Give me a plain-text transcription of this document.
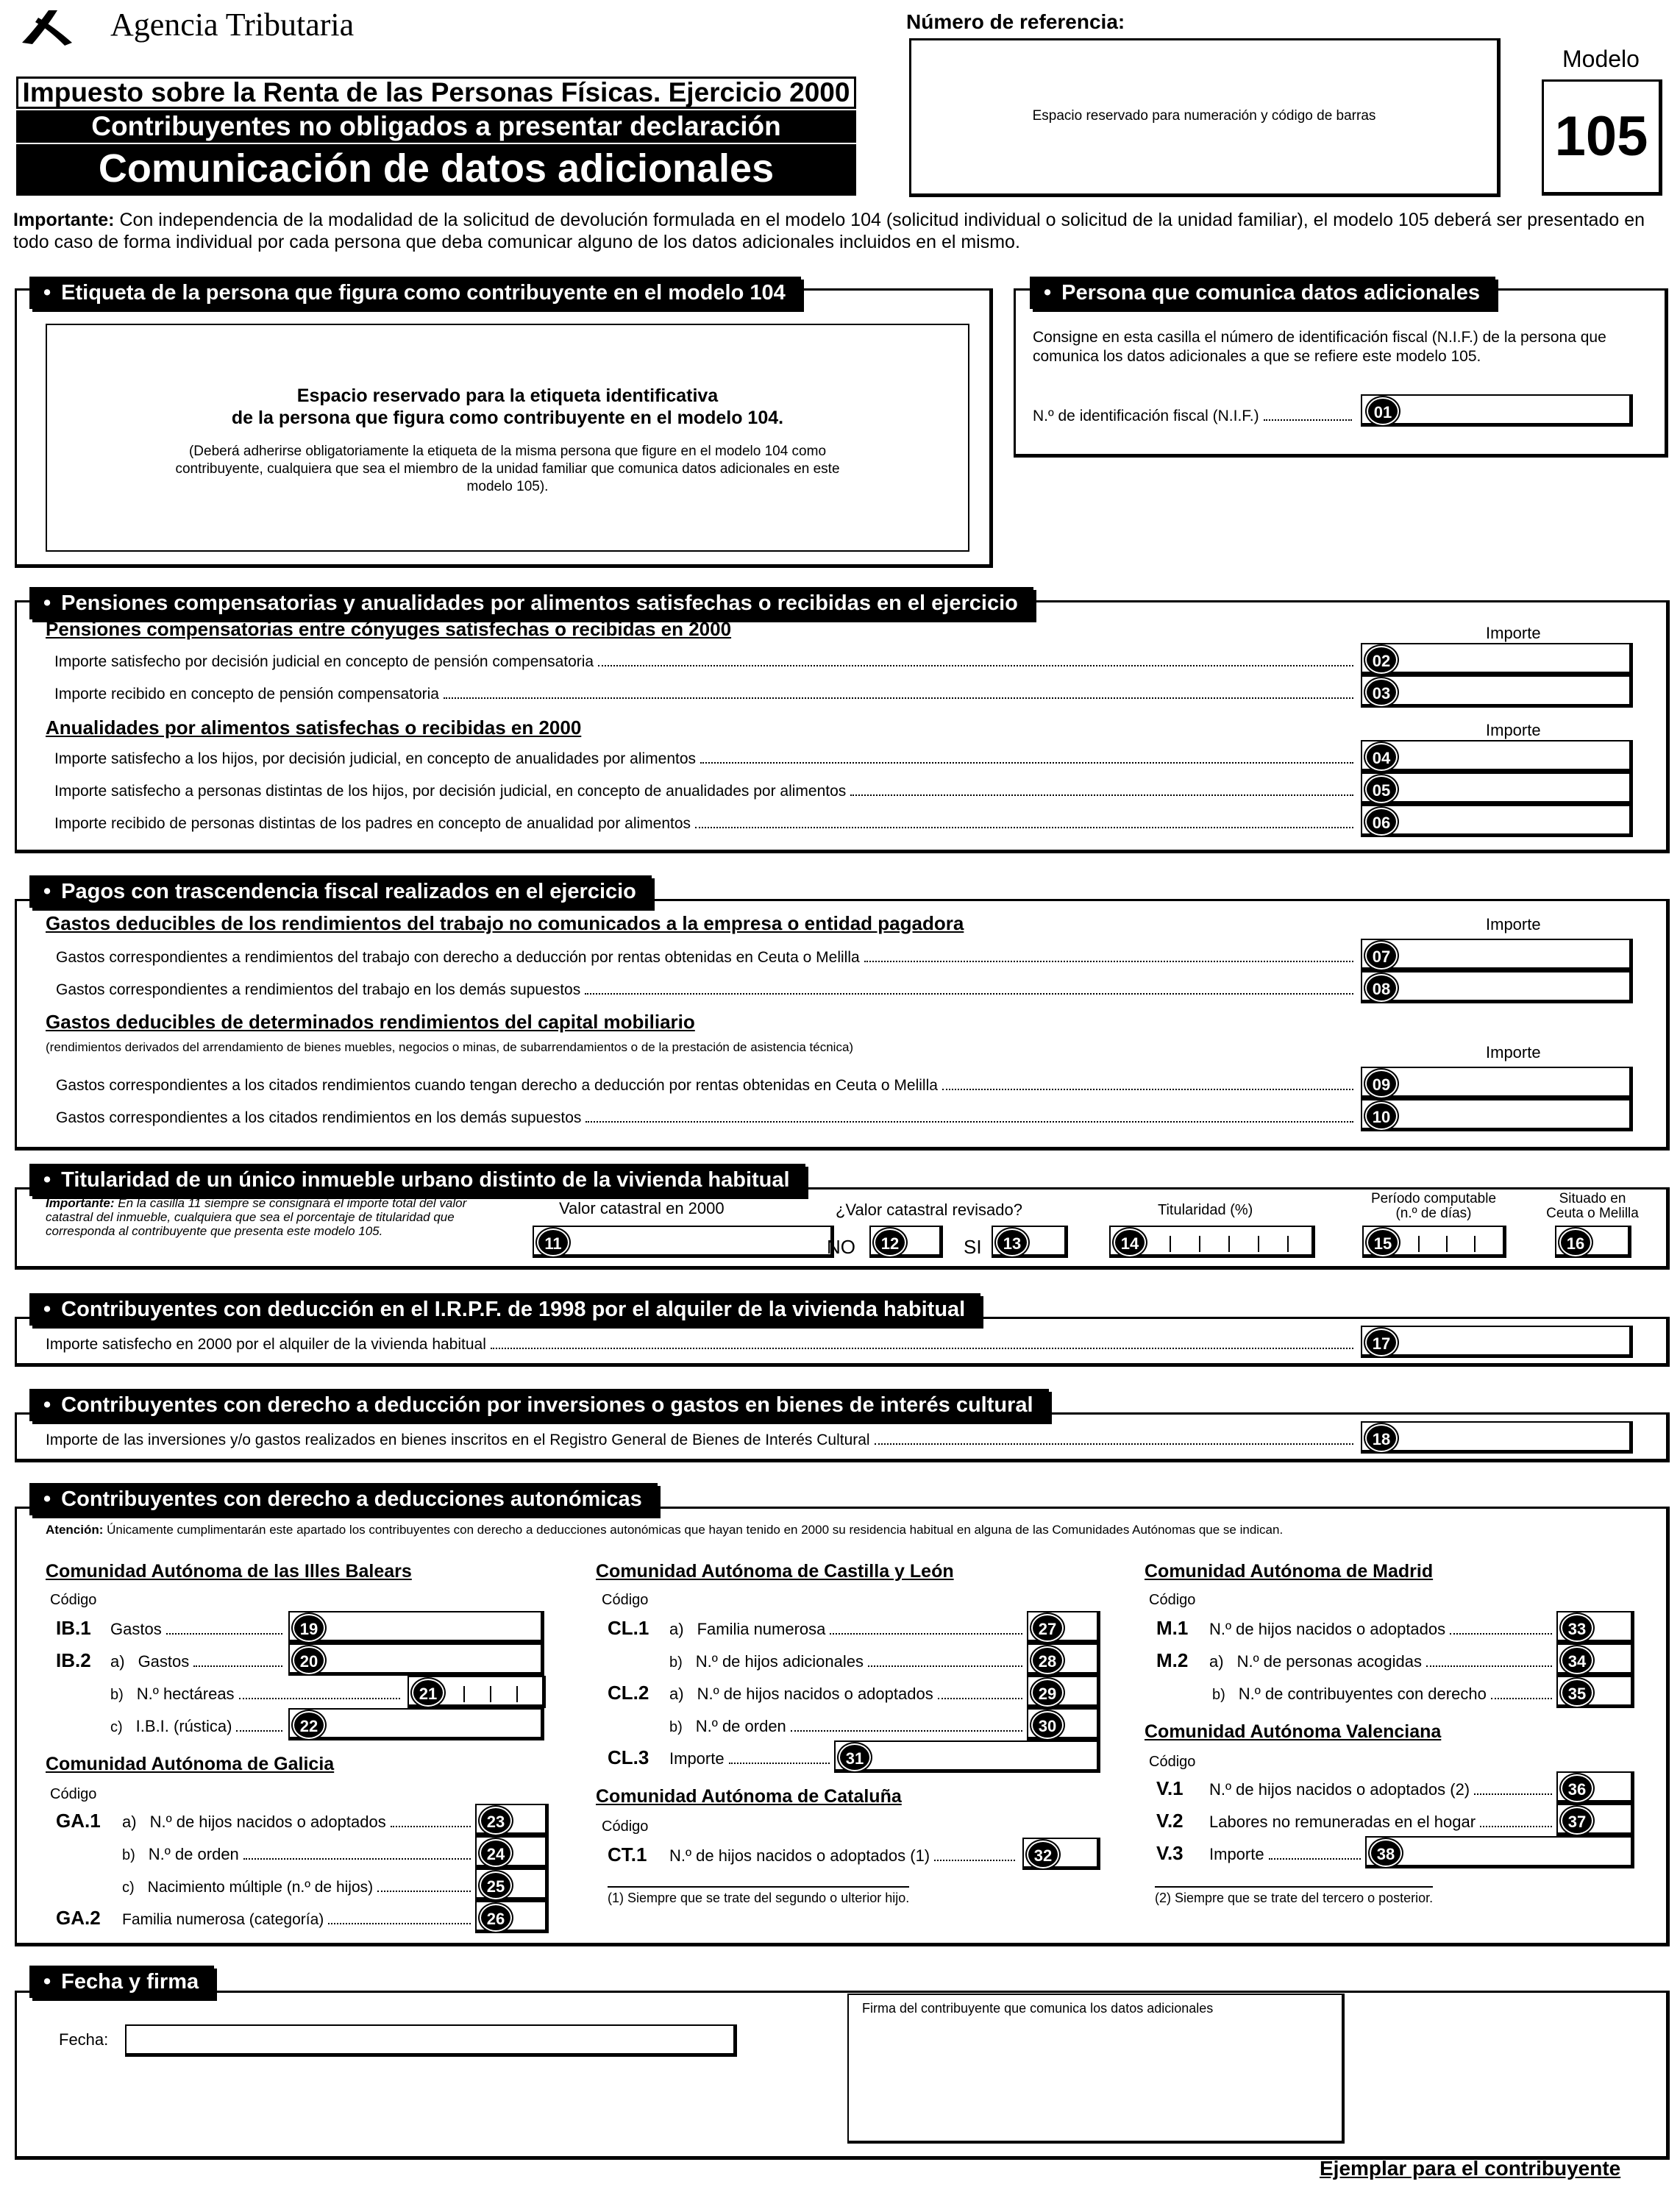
Agencia Tributaria	Número de referencia:
Espacio reservado para numeración y código de barras
Modelo
105
Impuesto sobre la Renta de las Personas Físicas. Ejercicio 2000
Contribuyentes no obligados a presentar declaración
Comunicación de datos adicionales
Importante: Con independencia de la modalidad de la solicitud de devolución formulada en el modelo 104 (solicitud individual o solicitud de la unidad familiar), el modelo 105 deberá ser presentado en todo caso de forma individual por cada persona que deba comunicar alguno de los datos adicionales incluidos en el mismo.
• Etiqueta de la persona que figura como contribuyente en el modelo 104
Espacio reservado para la etiqueta identificativa
de la persona que figura como contribuyente en el modelo 104.
(Deberá adherirse obligatoriamente la etiqueta de la misma persona que figure en el modelo 104 como contribuyente, cualquiera que sea el miembro de la unidad familiar que comunica datos adicionales en este modelo 105).
• Persona que comunica datos adicionales
Consigne en esta casilla el número de identificación fiscal (N.I.F.) de la persona que comunica los datos adicionales a que se refiere este modelo 105.
N.º de identificación fiscal (N.I.F.)	01
• Pensiones compensatorias y anualidades por alimentos satisfechas o recibidas en el ejercicio
Pensiones compensatorias entre cónyuges satisfechas o recibidas en 2000	Importe
Importe satisfecho por decisión judicial en concepto de pensión compensatoria	02
Importe recibido en concepto de pensión compensatoria	03
Anualidades por alimentos satisfechas o recibidas en 2000	Importe
Importe satisfecho a los hijos, por decisión judicial, en concepto de anualidades por alimentos	04
Importe satisfecho a personas distintas de los hijos, por decisión judicial, en concepto de anualidades por alimentos	05
Importe recibido de personas distintas de los padres en concepto de anualidad por alimentos	06
• Pagos con trascendencia fiscal realizados en el ejercicio
Gastos deducibles de los rendimientos del trabajo no comunicados a la empresa o entidad pagadora	Importe
Gastos correspondientes a rendimientos del trabajo con derecho a deducción por rentas obtenidas en Ceuta o Melilla	07
Gastos correspondientes a rendimientos del trabajo en los demás supuestos	08
Gastos deducibles de determinados rendimientos del capital mobiliario
(rendimientos derivados del arrendamiento de bienes muebles, negocios o minas, de subarrendamientos o de la prestación de asistencia técnica)	Importe
Gastos correspondientes a los citados rendimientos cuando tengan derecho a deducción por rentas obtenidas en Ceuta o Melilla	09
Gastos correspondientes a los citados rendimientos en los demás supuestos	10
• Titularidad de un único inmueble urbano distinto de la vivienda habitual
Importante: En la casilla 11 siempre se consignará el importe total del valor catastral del inmueble, cualquiera que sea el porcentaje de titularidad que corresponda al contribuyente que presenta este modelo 105.
Valor catastral en 2000
11
¿Valor catastral revisado?
NO	12	SI	13
Titularidad (%)
14
Período computable
(n.º de días)
15
Situado en
Ceuta o Melilla
16
• Contribuyentes con deducción en el I.R.P.F. de 1998 por el alquiler de la vivienda habitual
Importe satisfecho en 2000 por el alquiler de la vivienda habitual	17
• Contribuyentes con derecho a deducción por inversiones o gastos en bienes de interés cultural
Importe de las inversiones y/o gastos realizados en bienes inscritos en el Registro General de Bienes de Interés Cultural	18
• Contribuyentes con derecho a deducciones autonómicas
Atención: Únicamente cumplimentarán este apartado los contribuyentes con derecho a deducciones autonómicas que hayan tenido en 2000 su residencia habitual en alguna de las Comunidades Autónomas que se indican.
Comunidad Autónoma de las Illes Balears
Código
IB.1 Gastos	19
IB.2 a) Gastos	20
b) N.º hectáreas	21
c) I.B.I. (rústica)	22
Comunidad Autónoma de Galicia
Código
GA.1 a) N.º de hijos nacidos o adoptados	23
b) N.º de orden	24
c) Nacimiento múltiple (n.º de hijos)	25
GA.2 Familia numerosa (categoría)	26
Comunidad Autónoma de Castilla y León
Código
CL.1 a) Familia numerosa	27
b) N.º de hijos adicionales	28
CL.2 a) N.º de hijos nacidos o adoptados	29
b) N.º de orden	30
CL.3 Importe	31
Comunidad Autónoma de Cataluña
Código
CT.1 N.º de hijos nacidos o adoptados (1)	32
(1) Siempre que se trate del segundo o ulterior hijo.
Comunidad Autónoma de Madrid
Código
M.1 N.º de hijos nacidos o adoptados	33
M.2 a) N.º de personas acogidas	34
b) N.º de contribuyentes con derecho	35
Comunidad Autónoma Valenciana
Código
V.1 N.º de hijos nacidos o adoptados (2)	36
V.2 Labores no remuneradas en el hogar	37
V.3 Importe	38
(2) Siempre que se trate del tercero o posterior.
• Fecha y firma
Fecha:
Firma del contribuyente que comunica los datos adicionales
Ejemplar para el contribuyente
